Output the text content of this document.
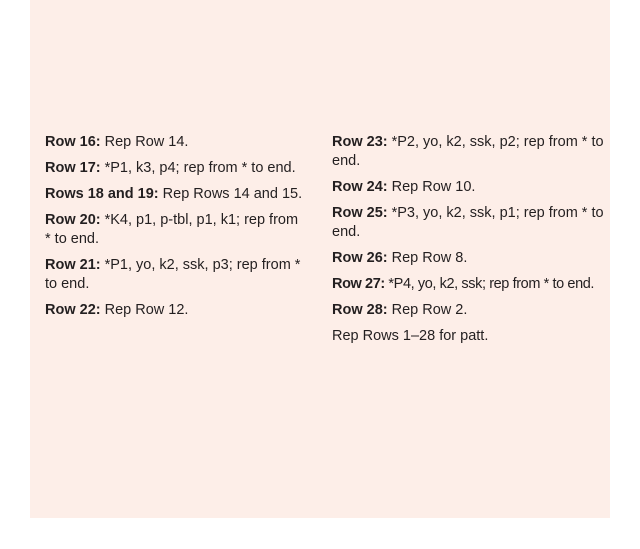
Row 16: Rep Row 14.

Row 17: *P1, k3, p4; rep from * to end.

Rows 18 and 19: Rep Rows 14 and 15.

Row 20: *K4, p1, p-tbl, p1, k1; rep from * to end.

Row 21: *P1, yo, k2, ssk, p3; rep from * to end.

Row 22: Rep Row 12.

Row 23: *P2, yo, k2, ssk, p2; rep from * to end.

Row 24: Rep Row 10.

Row 25: *P3, yo, k2, ssk, p1; rep from * to end.

Row 26: Rep Row 8.

Row 27: *P4, yo, k2, ssk; rep from * to end.

Row 28: Rep Row 2.

Rep Rows 1–28 for patt.
